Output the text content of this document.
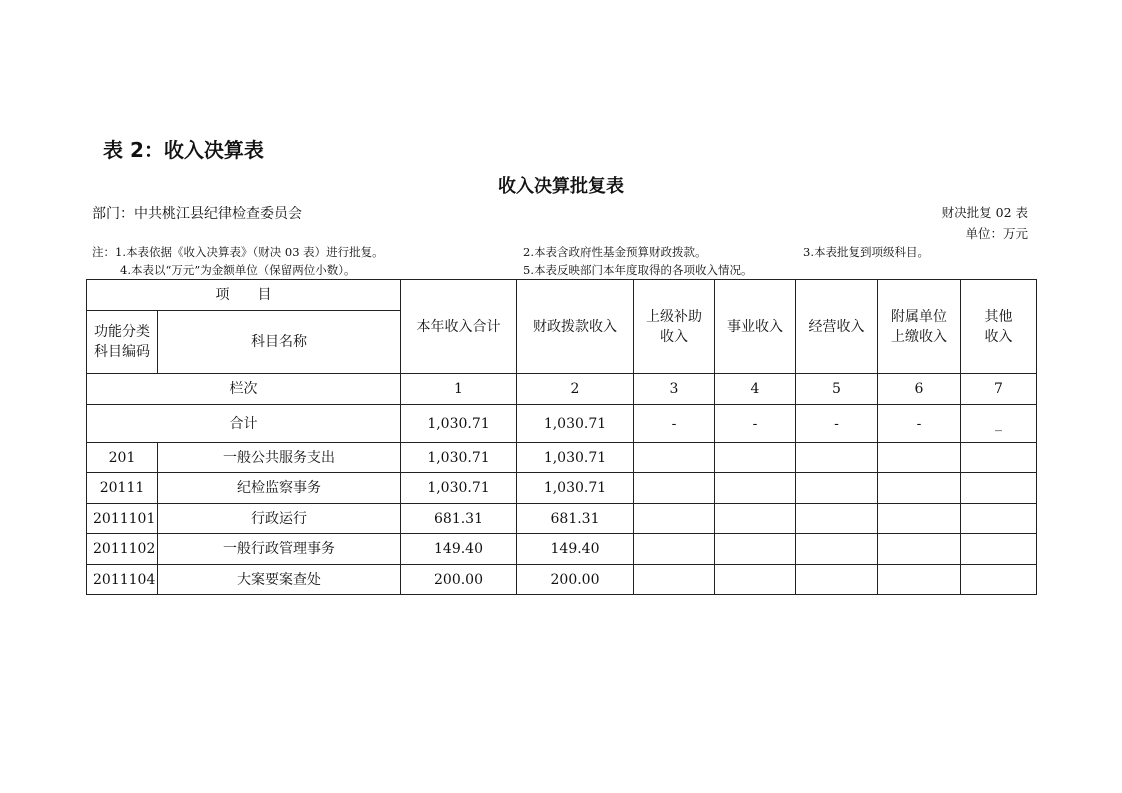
表 2：收入决算表
收入决算批复表
部门：中共桃江县纪律检查委员会	财决批复 02 表
单位：万元
注：1.本表依据《收入决算表》（财决 03 表）进行批复。	2.本表含政府性基金预算财政拨款。	3.本表批复到项级科目。
4.本表以“万元”为金额单位（保留两位小数）。	5.本表反映部门本年度取得的各项收入情况。
项　　目		本年收入合计	财政拨款收入	上级补助收入	事业收入	经营收入	附属单位上缴收入	其他收入
功能分类科目编码	科目名称							
栏次		1	2	3	4	5	6	7
合计		1,030.71	1,030.71	-	-	-	-	_
201	一般公共服务支出	1,030.71	1,030.71					
20111	纪检监察事务	1,030.71	1,030.71					
2011101	行政运行	681.31	681.31					
2011102	一般行政管理事务	149.40	149.40					
2011104	大案要案查处	200.00	200.00					
